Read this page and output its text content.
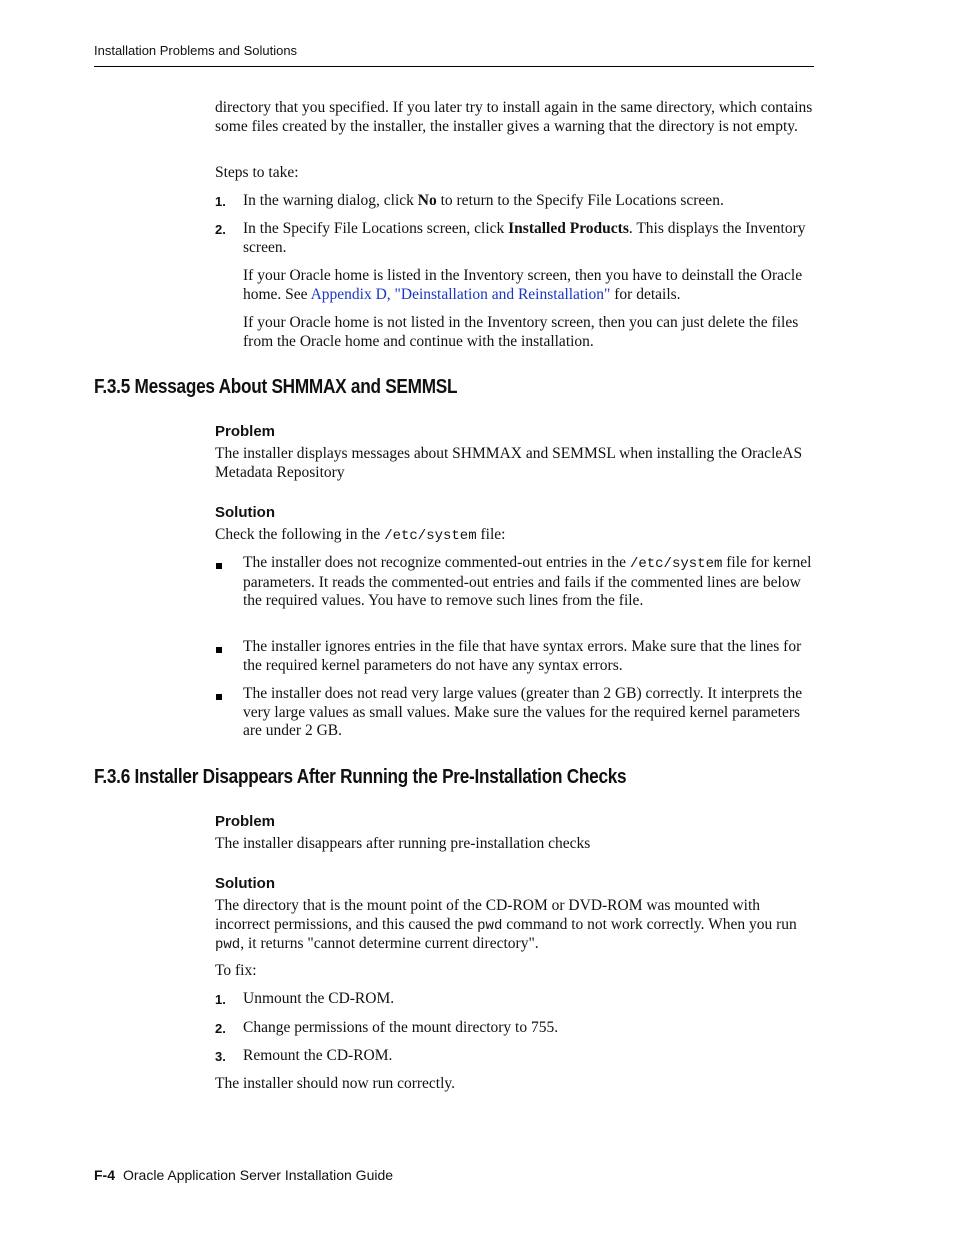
Installation Problems and Solutions

directory that you specified. If you later try to install again in the same directory, which contains some files created by the installer, the installer gives a warning that the directory is not empty.

Steps to take:

1. In the warning dialog, click No to return to the Specify File Locations screen.

2. In the Specify File Locations screen, click Installed Products. This displays the Inventory screen.

If your Oracle home is listed in the Inventory screen, then you have to deinstall the Oracle home. See Appendix D, "Deinstallation and Reinstallation" for details.

If your Oracle home is not listed in the Inventory screen, then you can just delete the files from the Oracle home and continue with the installation.

F.3.5 Messages About SHMMAX and SEMMSL
Problem

The installer displays messages about SHMMAX and SEMMSL when installing the OracleAS Metadata Repository

Solution

Check the following in the /etc/system file:

The installer does not recognize commented-out entries in the /etc/system file for kernel parameters. It reads the commented-out entries and fails if the commented lines are below the required values. You have to remove such lines from the file.

The installer ignores entries in the file that have syntax errors. Make sure that the lines for the required kernel parameters do not have any syntax errors.

The installer does not read very large values (greater than 2 GB) correctly. It interprets the very large values as small values. Make sure the values for the required kernel parameters are under 2 GB.

F.3.6 Installer Disappears After Running the Pre-Installation Checks
Problem

The installer disappears after running pre-installation checks

Solution

The directory that is the mount point of the CD-ROM or DVD-ROM was mounted with incorrect permissions, and this caused the pwd command to not work correctly. When you run pwd, it returns "cannot determine current directory".

To fix:

1. Unmount the CD-ROM.

2. Change permissions of the mount directory to 755.

3. Remount the CD-ROM.

The installer should now run correctly.

F-4 Oracle Application Server Installation Guide
